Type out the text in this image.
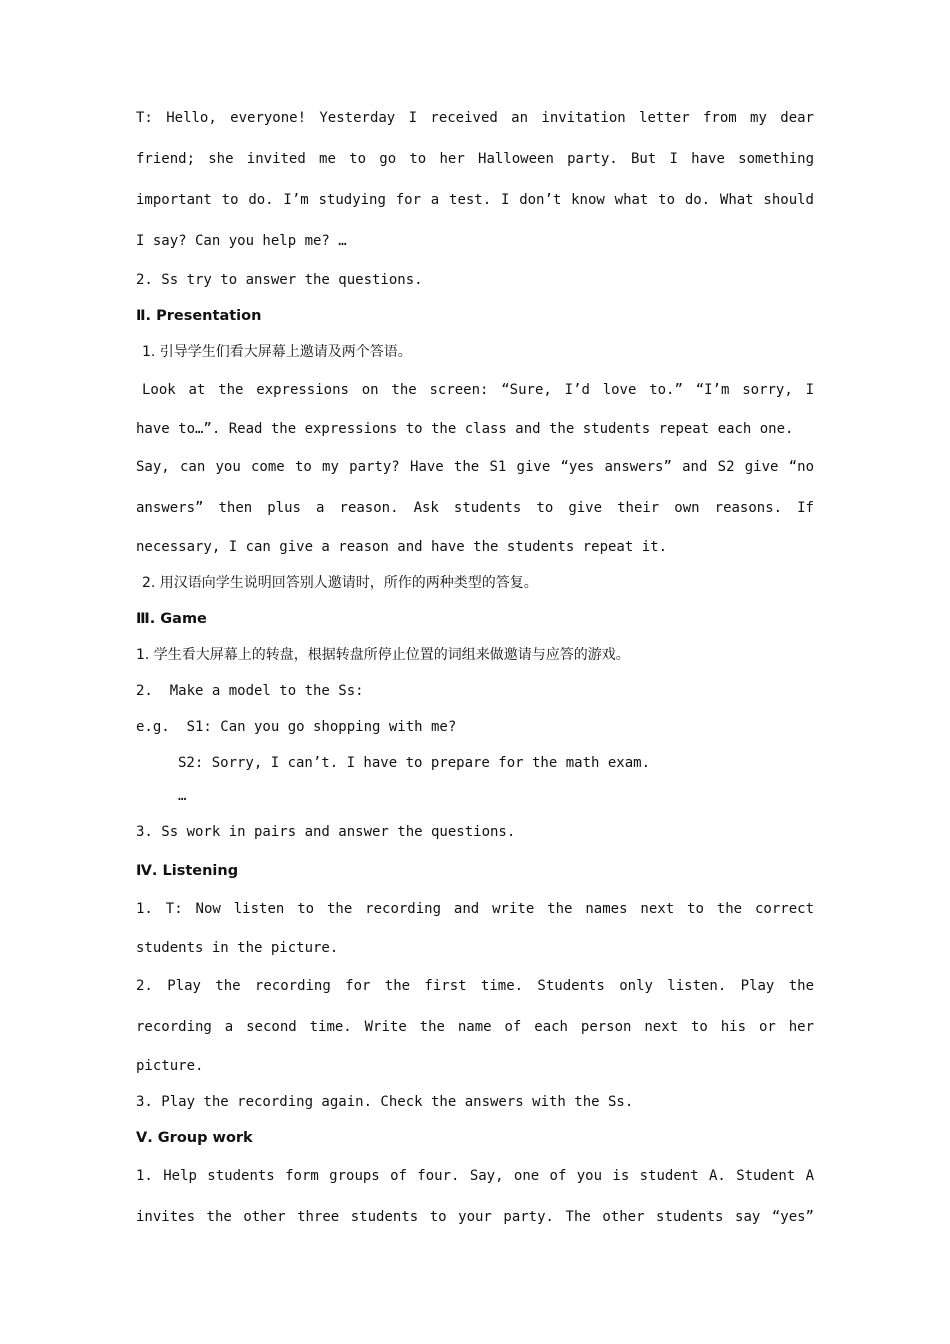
T: Hello, everyone! Yesterday I received an invitation letter from my dear

friend; she invited me to go to her Halloween party. But I have something

important to do. I’m studying for a test. I don’t know what to do. What should

I say? Can you help me? …

2. Ss try to answer the questions.

Ⅱ. Presentation

1. 引导学生们看大屏幕上邀请及两个答语。

Look at the expressions on the screen: “Sure, I’d love to.” “I’m sorry, I

have to…”. Read the expressions to the class and the students repeat each one.

Say, can you come to my party? Have the S1 give “yes answers” and S2 give “no

answers” then plus a reason. Ask students to give their own reasons. If

necessary, I can give a reason and have the students repeat it.

2. 用汉语向学生说明回答别人邀请时，所作的两种类型的答复。

Ⅲ. Game

1. 学生看大屏幕上的转盘，根据转盘所停止位置的词组来做邀请与应答的游戏。

2.  Make a model to the Ss:

e.g.  S1: Can you go shopping with me?

S2: Sorry, I can’t. I have to prepare for the math exam.

…

3. Ss work in pairs and answer the questions.

Ⅳ. Listening

1. T: Now listen to the recording and write the names next to the correct

students in the picture.

2. Play the recording for the first time. Students only listen. Play the

recording a second time. Write the name of each person next to his or her

picture.

3. Play the recording again. Check the answers with the Ss.

Ⅴ. Group work

1. Help students form groups of four. Say, one of you is student A. Student A

invites the other three students to your party. The other students say “yes”
